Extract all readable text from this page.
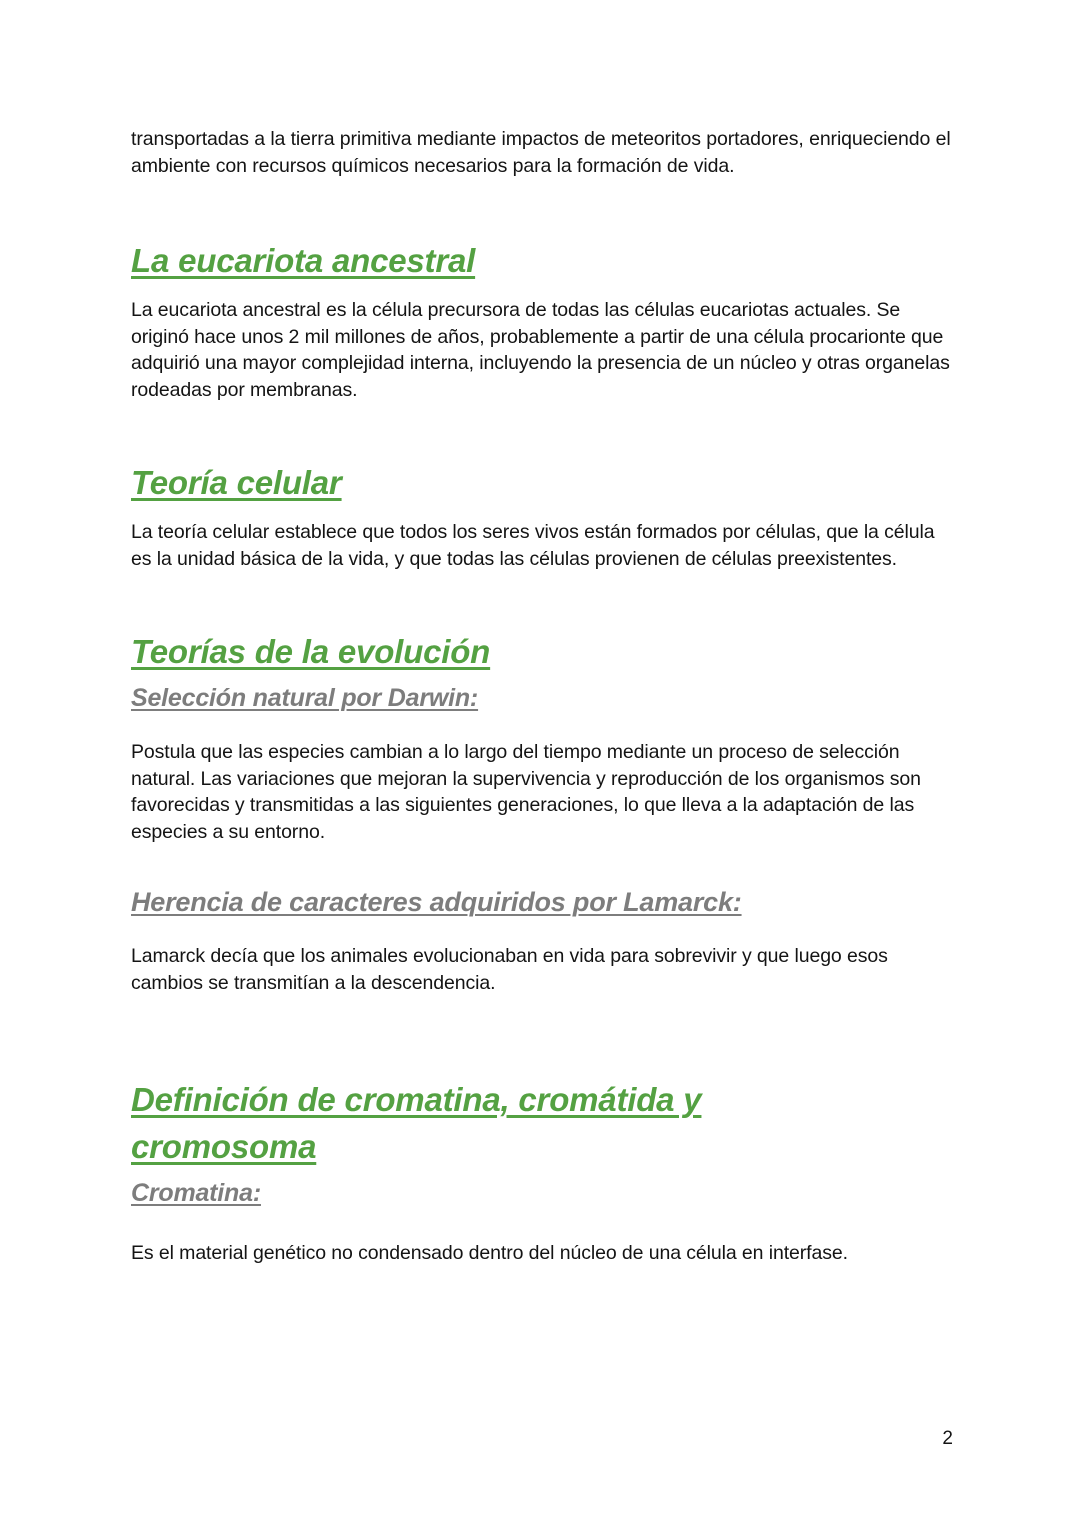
transportadas a la tierra primitiva mediante impactos de meteoritos portadores, enriqueciendo el ambiente con recursos químicos necesarios para la formación de vida.

La eucariota ancestral

La eucariota ancestral es la célula precursora de todas las células eucariotas actuales. Se originó hace unos 2 mil millones de años, probablemente a partir de una célula procarionte que adquirió una mayor complejidad interna, incluyendo la presencia de un núcleo y otras organelas rodeadas por membranas.

Teoría celular

La teoría celular establece que todos los seres vivos están formados por células, que la célula es la unidad básica de la vida, y que todas las células provienen de células preexistentes.

Teorías de la evolución
Selección natural por Darwin:

Postula que las especies cambian a lo largo del tiempo mediante un proceso de selección natural. Las variaciones que mejoran la supervivencia y reproducción de los organismos son favorecidas y transmitidas a las siguientes generaciones, lo que lleva a la adaptación de las especies a su entorno.

Herencia de caracteres adquiridos por Lamarck:

Lamarck decía que los animales evolucionaban en vida para sobrevivir y que luego esos cambios se transmitían a la descendencia.

Definición de cromatina, cromátida y cromosoma
Cromatina:

Es el material genético no condensado dentro del núcleo de una célula en interfase.

2
